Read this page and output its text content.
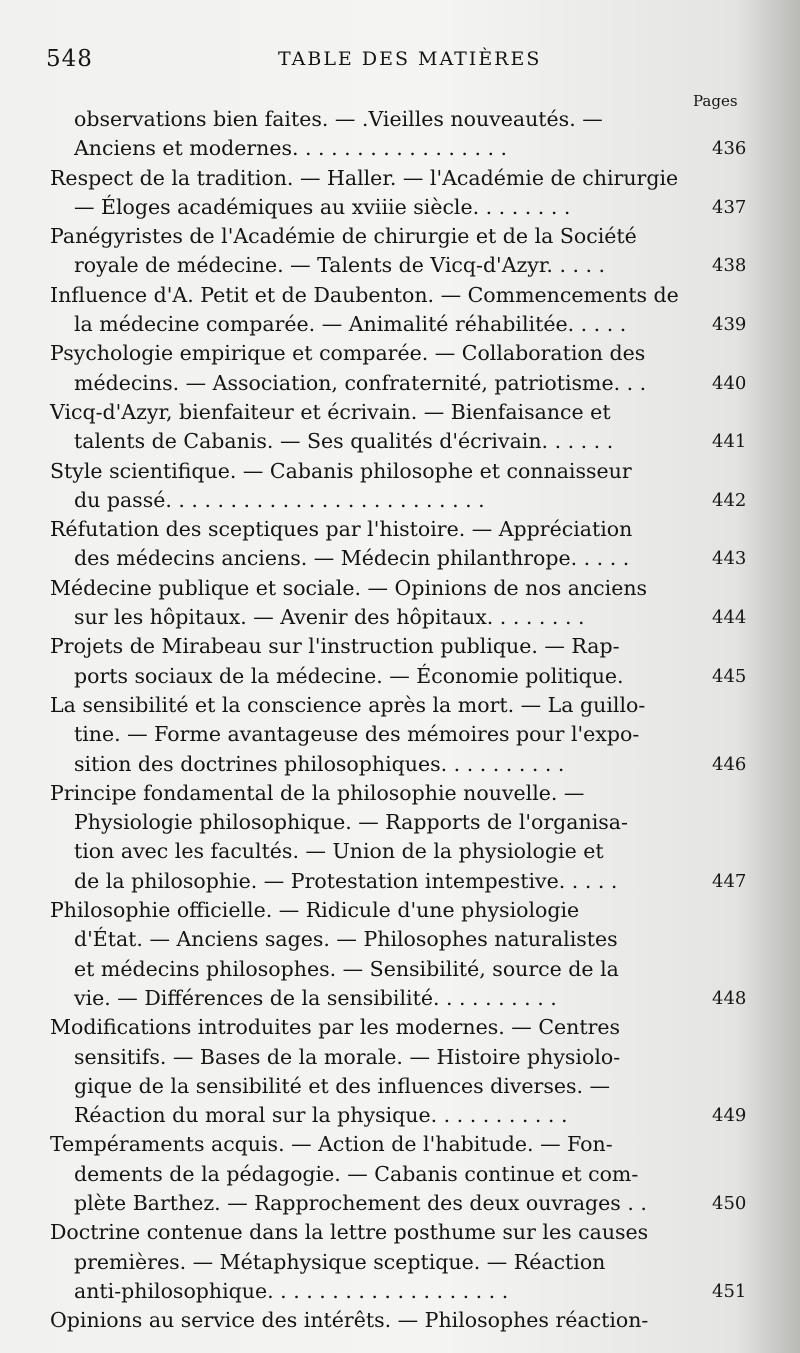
548	TABLE DES MATIÈRES
Pages
observations bien faites. — .Vieilles nouveautés. —
Anciens et modernes. . . . . . . . . . . . . . . . .	436
Respect de la tradition. — Haller. — l'Académie de chirurgie
— Éloges académiques au xviiie siècle. . . . . . . .	437
Panégyristes de l'Académie de chirurgie et de la Société
royale de médecine. — Talents de Vicq-d'Azyr. . . . .	438
Influence d'A. Petit et de Daubenton. — Commencements de
la médecine comparée. — Animalité réhabilitée. . . . .	439
Psychologie empirique et comparée. — Collaboration des
médecins. — Association, confraternité, patriotisme. . .	440
Vicq-d'Azyr, bienfaiteur et écrivain. — Bienfaisance et
talents de Cabanis. — Ses qualités d'écrivain. . . . . .	441
Style scientifique. — Cabanis philosophe et connaisseur
du passé. . . . . . . . . . . . . . . . . . . . . . . . .	442
Réfutation des sceptiques par l'histoire. — Appréciation
des médecins anciens. — Médecin philanthrope. . . . .	443
Médecine publique et sociale. — Opinions de nos anciens
sur les hôpitaux. — Avenir des hôpitaux. . . . . . . .	444
Projets de Mirabeau sur l'instruction publique. — Rap-
ports sociaux de la médecine. — Économie politique.	445
La sensibilité et la conscience après la mort. — La guillo-
tine. — Forme avantageuse des mémoires pour l'expo-
sition des doctrines philosophiques. . . . . . . . . .	446
Principe fondamental de la philosophie nouvelle. —
Physiologie philosophique. — Rapports de l'organisa-
tion avec les facultés. — Union de la physiologie et
de la philosophie. — Protestation intempestive. . . . .	447
Philosophie officielle. — Ridicule d'une physiologie
d'État. — Anciens sages. — Philosophes naturalistes
et médecins philosophes. — Sensibilité, source de la
vie. — Différences de la sensibilité. . . . . . . . . .	448
Modifications introduites par les modernes. — Centres
sensitifs. — Bases de la morale. — Histoire physiolo-
gique de la sensibilité et des influences diverses. —
Réaction du moral sur la physique. . . . . . . . . . .	449
Tempéraments acquis. — Action de l'habitude. — Fon-
dements de la pédagogie. — Cabanis continue et com-
plète Barthez. — Rapprochement des deux ouvrages . .	450
Doctrine contenue dans la lettre posthume sur les causes
premières. — Métaphysique sceptique. — Réaction
anti-philosophique. . . . . . . . . . . . . . . . . . .	451
Opinions au service des intérêts. — Philosophes réaction-
